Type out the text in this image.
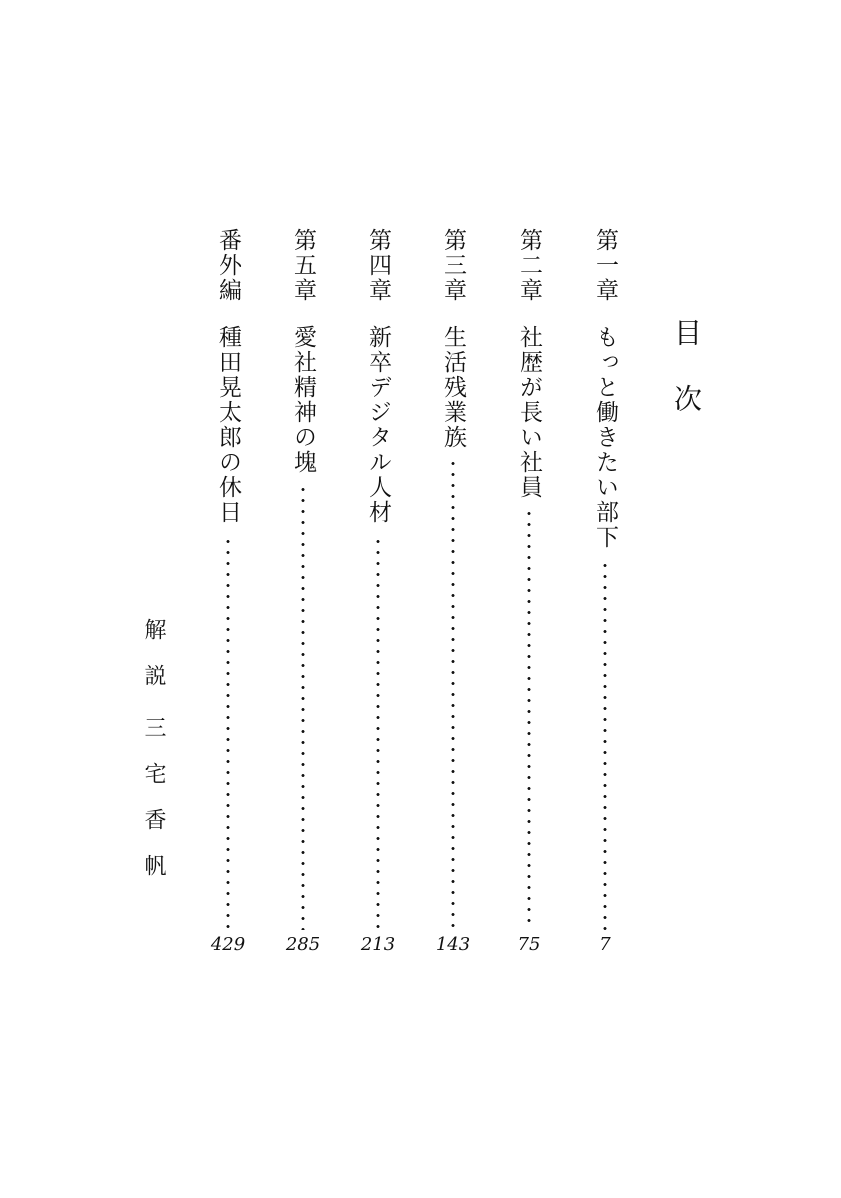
目次
第一章もっと働きたい部下
7
第二章社歴が長い社員
75
第三章生活残業族
143
第四章新卒デジタル人材
213
第五章愛社精神の塊
285
番外編種田晃太郎の休日
429
解説三宅香帆
